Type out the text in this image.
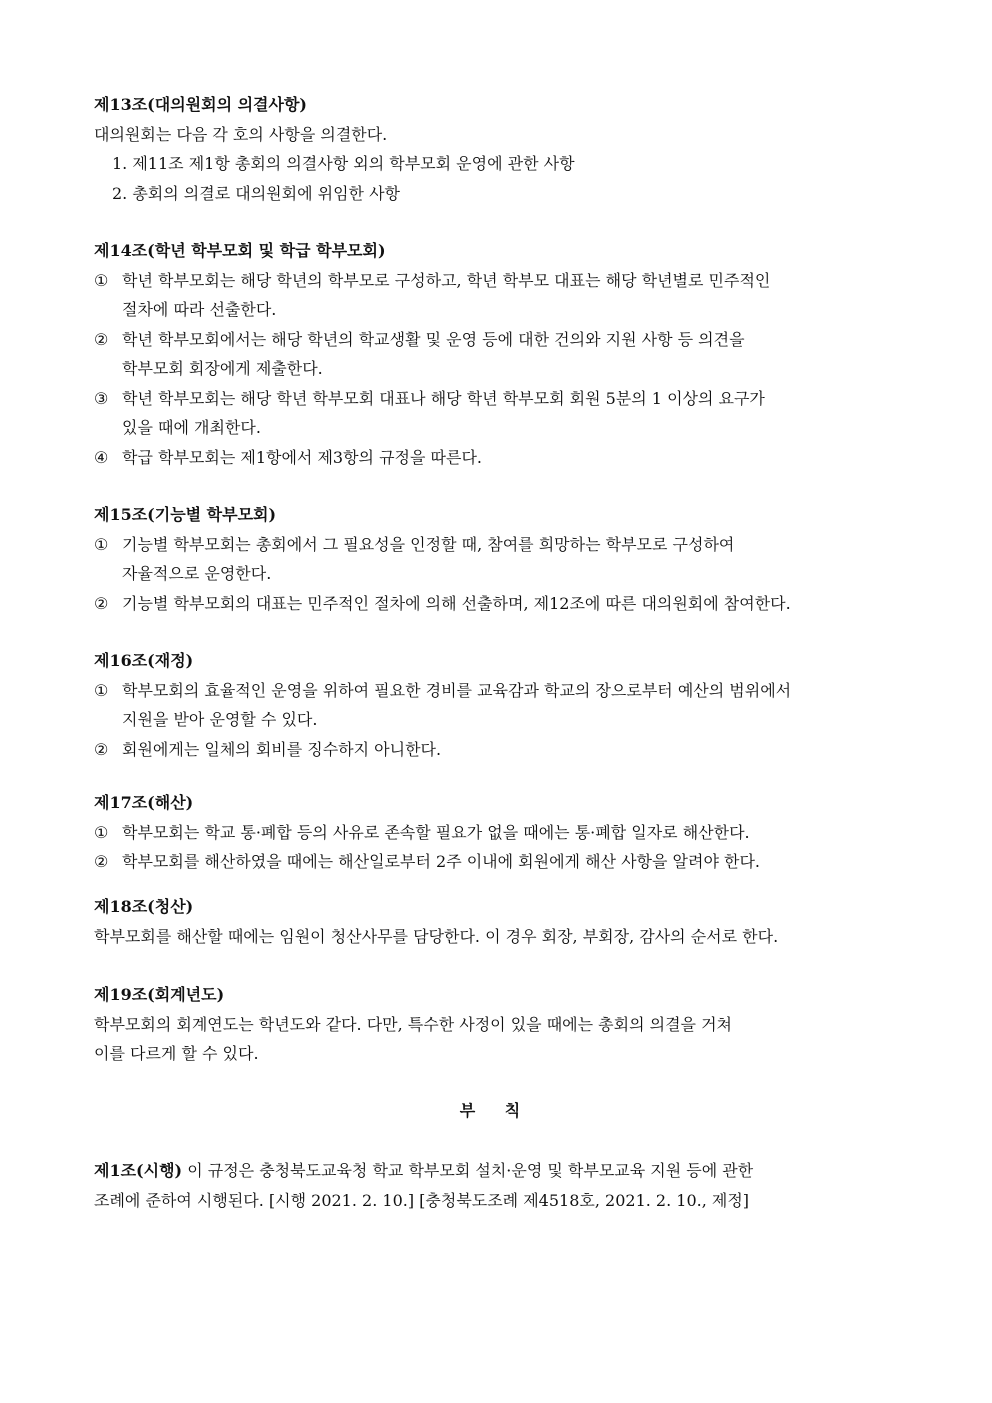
제13조(대의원회의 의결사항)
대의원회는 다음 각 호의 사항을 의결한다.
1. 제11조 제1항 총회의 의결사항 외의 학부모회 운영에 관한 사항
2. 총회의 의결로 대의원회에 위임한 사항
제14조(학년 학부모회 및 학급 학부모회)
① 학년 학부모회는 해당 학년의 학부모로 구성하고, 학년 학부모 대표는 해당 학년별로 민주적인
절차에 따라 선출한다.
② 학년 학부모회에서는 해당 학년의 학교생활 및 운영 등에 대한 건의와 지원 사항 등 의견을
학부모회 회장에게 제출한다.
③ 학년 학부모회는 해당 학년 학부모회 대표나 해당 학년 학부모회 회원 5분의 1 이상의 요구가
있을 때에 개최한다.
④ 학급 학부모회는 제1항에서 제3항의 규정을 따른다.
제15조(기능별 학부모회)
① 기능별 학부모회는 총회에서 그 필요성을 인정할 때, 참여를 희망하는 학부모로 구성하여
자율적으로 운영한다.
② 기능별 학부모회의 대표는 민주적인 절차에 의해 선출하며, 제12조에 따른 대의원회에 참여한다.
제16조(재정)
① 학부모회의 효율적인 운영을 위하여 필요한 경비를 교육감과 학교의 장으로부터 예산의 범위에서
지원을 받아 운영할 수 있다.
② 회원에게는 일체의 회비를 징수하지 아니한다.
제17조(해산)
① 학부모회는 학교 통·폐합 등의 사유로 존속할 필요가 없을 때에는 통·폐합 일자로 해산한다.
② 학부모회를 해산하였을 때에는 해산일로부터 2주 이내에 회원에게 해산 사항을 알려야 한다.
제18조(청산)
학부모회를 해산할 때에는 임원이 청산사무를 담당한다. 이 경우 회장, 부회장, 감사의 순서로 한다.
제19조(회계년도)
학부모회의 회계연도는 학년도와 같다. 다만, 특수한 사정이 있을 때에는 총회의 의결을 거쳐
이를 다르게 할 수 있다.
부 칙
제1조(시행) 이 규정은 충청북도교육청 학교 학부모회 설치·운영 및 학부모교육 지원 등에 관한
조례에 준하여 시행된다. [시행 2021. 2. 10.] [충청북도조례 제4518호, 2021. 2. 10., 제정]
